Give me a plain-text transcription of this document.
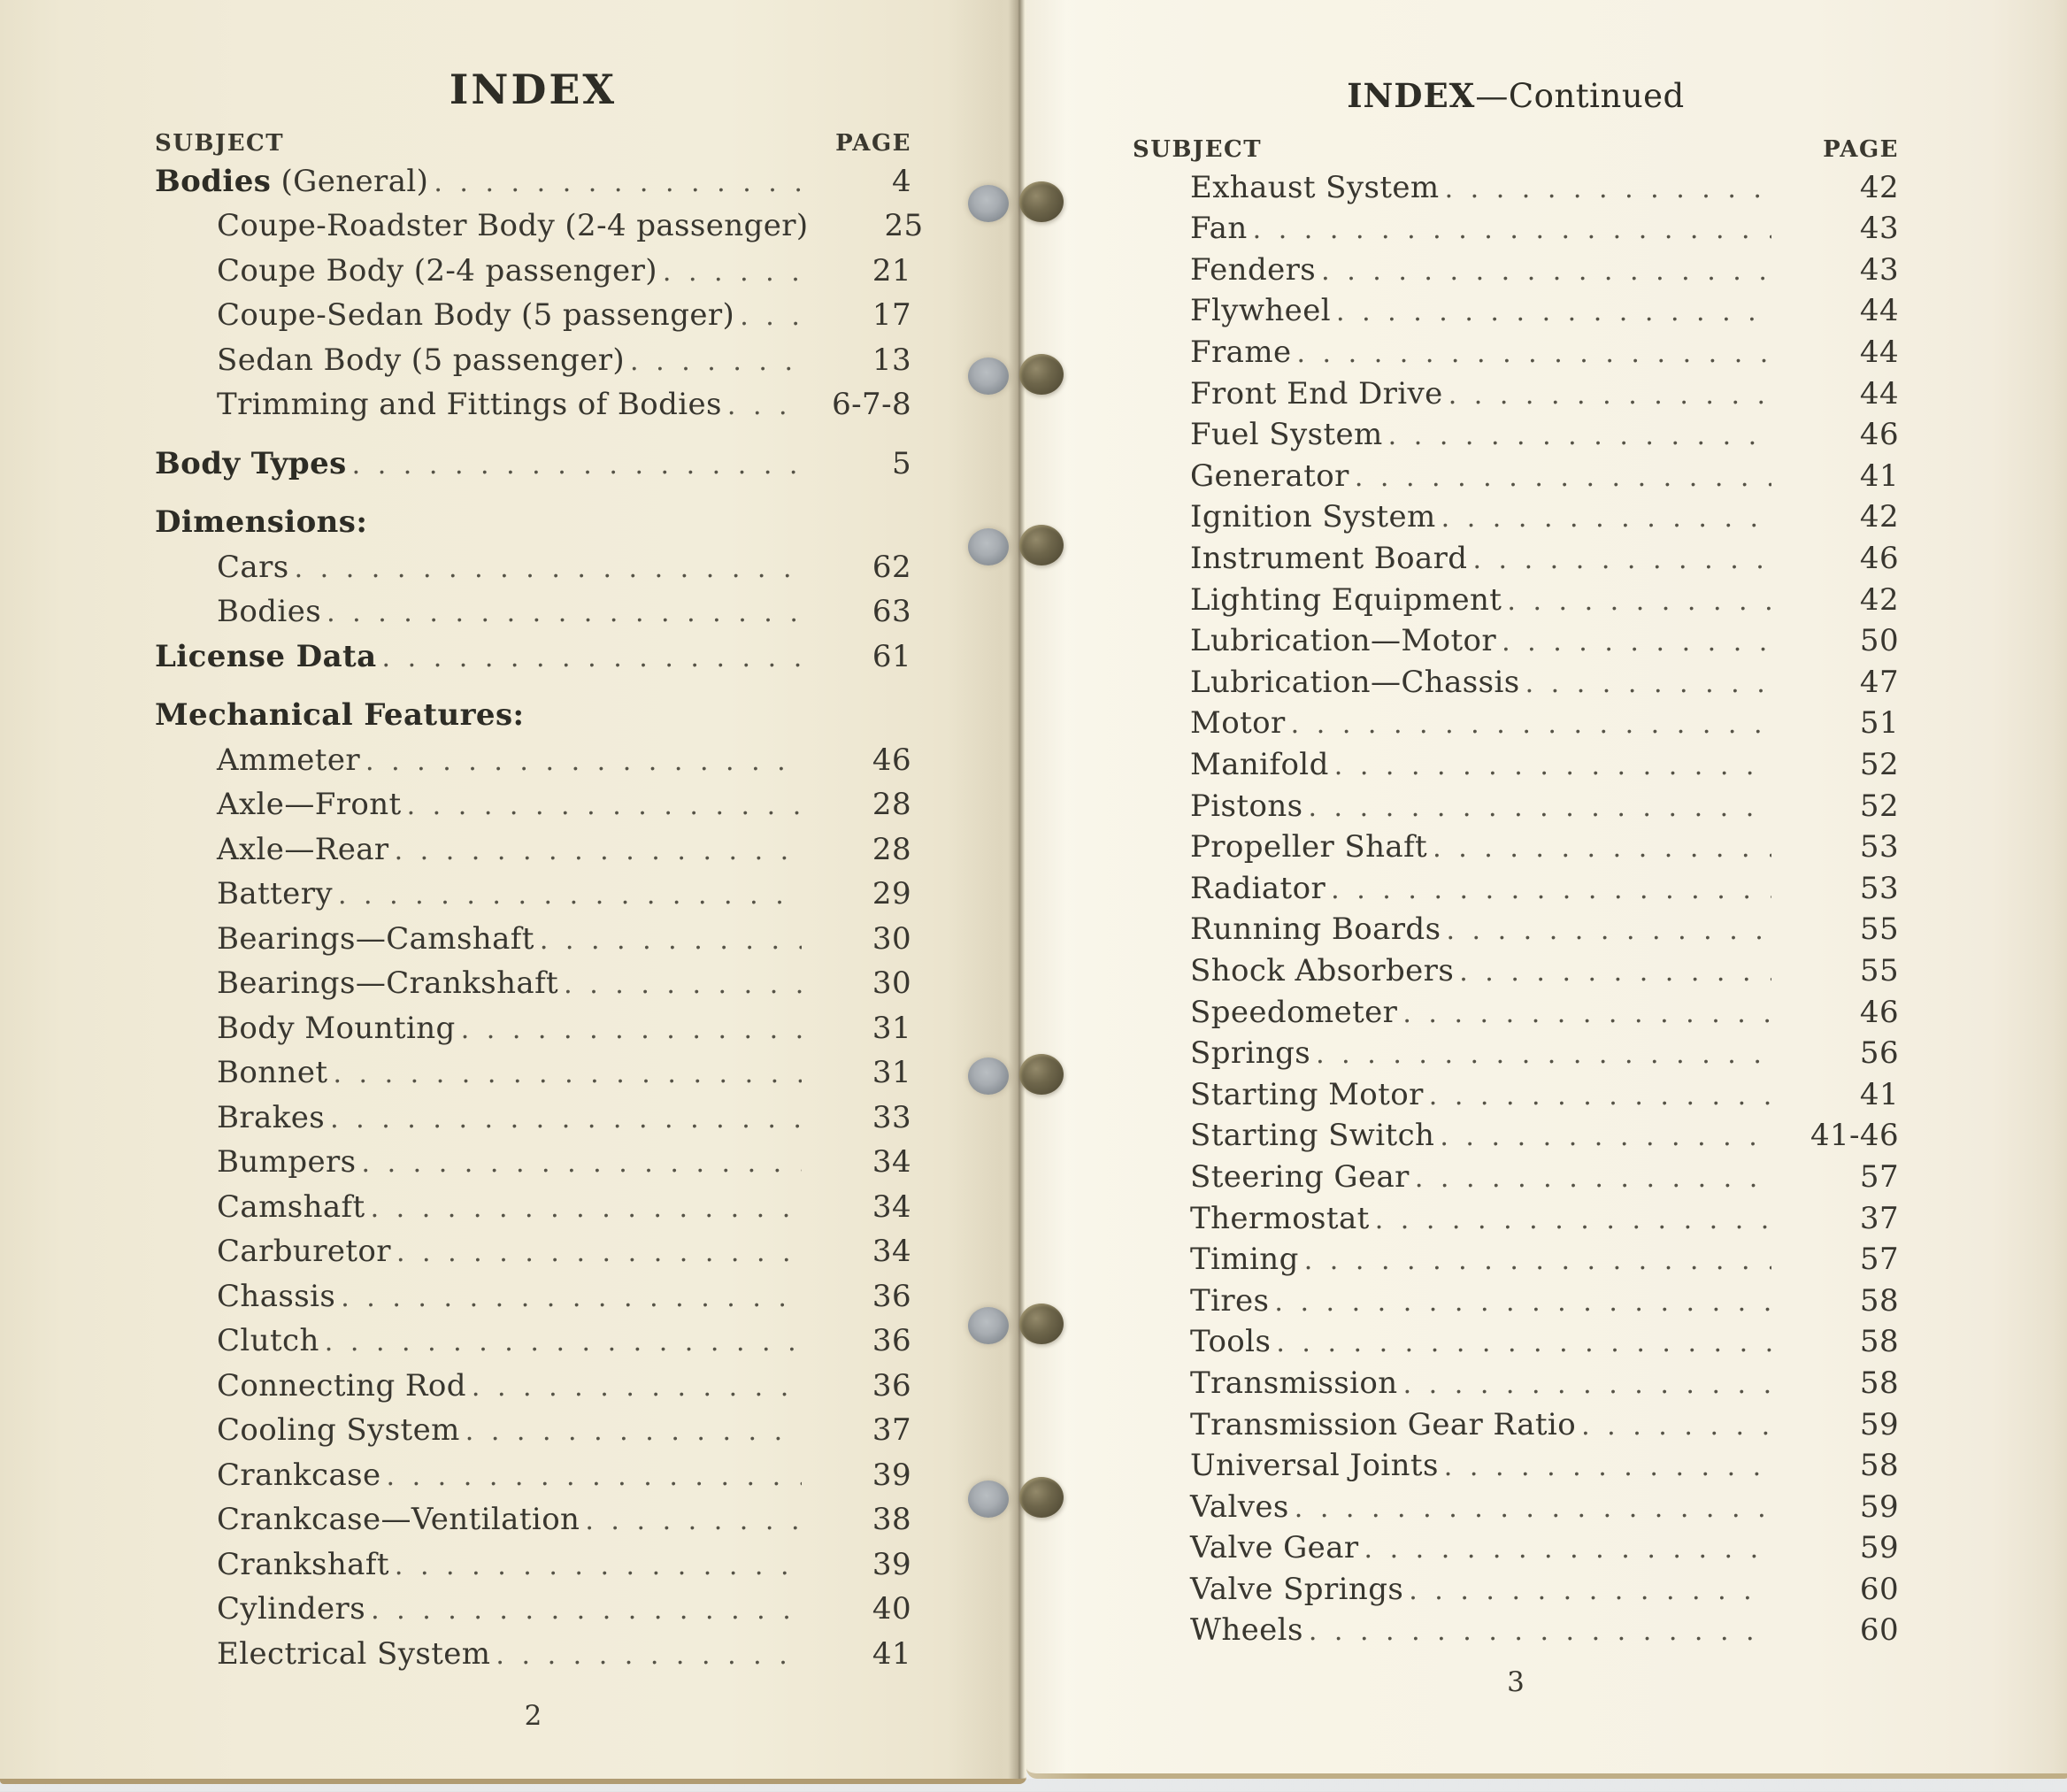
INDEX
SUBJECT	PAGE
Bodies (General) . . .	4
Coupe-Roadster Body (2-4 passenger)	25
Coupe Body (2-4 passenger) . . .	21
Coupe-Sedan Body (5 passenger) . . .	17
Sedan Body (5 passenger) . . .	13
Trimming and Fittings of Bodies . . .	6-7-8
Body Types . . .	5
Dimensions:
Cars . . .	62
Bodies . . .	63
License Data . . .	61
Mechanical Features:
Ammeter . . .	46
Axle—Front . . .	28
Axle—Rear . . .	28
Battery . . .	29
Bearings—Camshaft . . .	30
Bearings—Crankshaft . . .	30
Body Mounting . . .	31
Bonnet . . .	31
Brakes . . .	33
Bumpers . . .	34
Camshaft . . .	34
Carburetor . . .	34
Chassis . . .	36
Clutch . . .	36
Connecting Rod . . .	36
Cooling System . . .	37
Crankcase . . .	39
Crankcase—Ventilation . . .	38
Crankshaft . . .	39
Cylinders . . .	40
Electrical System . . .	41
2
INDEX—Continued
SUBJECT	PAGE
Exhaust System . . .	42
Fan . . .	43
Fenders . . .	43
Flywheel . . .	44
Frame . . .	44
Front End Drive . . .	44
Fuel System . . .	46
Generator . . .	41
Ignition System . . .	42
Instrument Board . . .	46
Lighting Equipment . . .	42
Lubrication—Motor . . .	50
Lubrication—Chassis . . .	47
Motor . . .	51
Manifold . . .	52
Pistons . . .	52
Propeller Shaft . . .	53
Radiator . . .	53
Running Boards . . .	55
Shock Absorbers . . .	55
Speedometer . . .	46
Springs . . .	56
Starting Motor . . .	41
Starting Switch . . .	41-46
Steering Gear . . .	57
Thermostat . . .	37
Timing . . .	57
Tires . . .	58
Tools . . .	58
Transmission . . .	58
Transmission Gear Ratio . . .	59
Universal Joints . . .	58
Valves . . .	59
Valve Gear . . .	59
Valve Springs . . .	60
Wheels . . .	60
3
